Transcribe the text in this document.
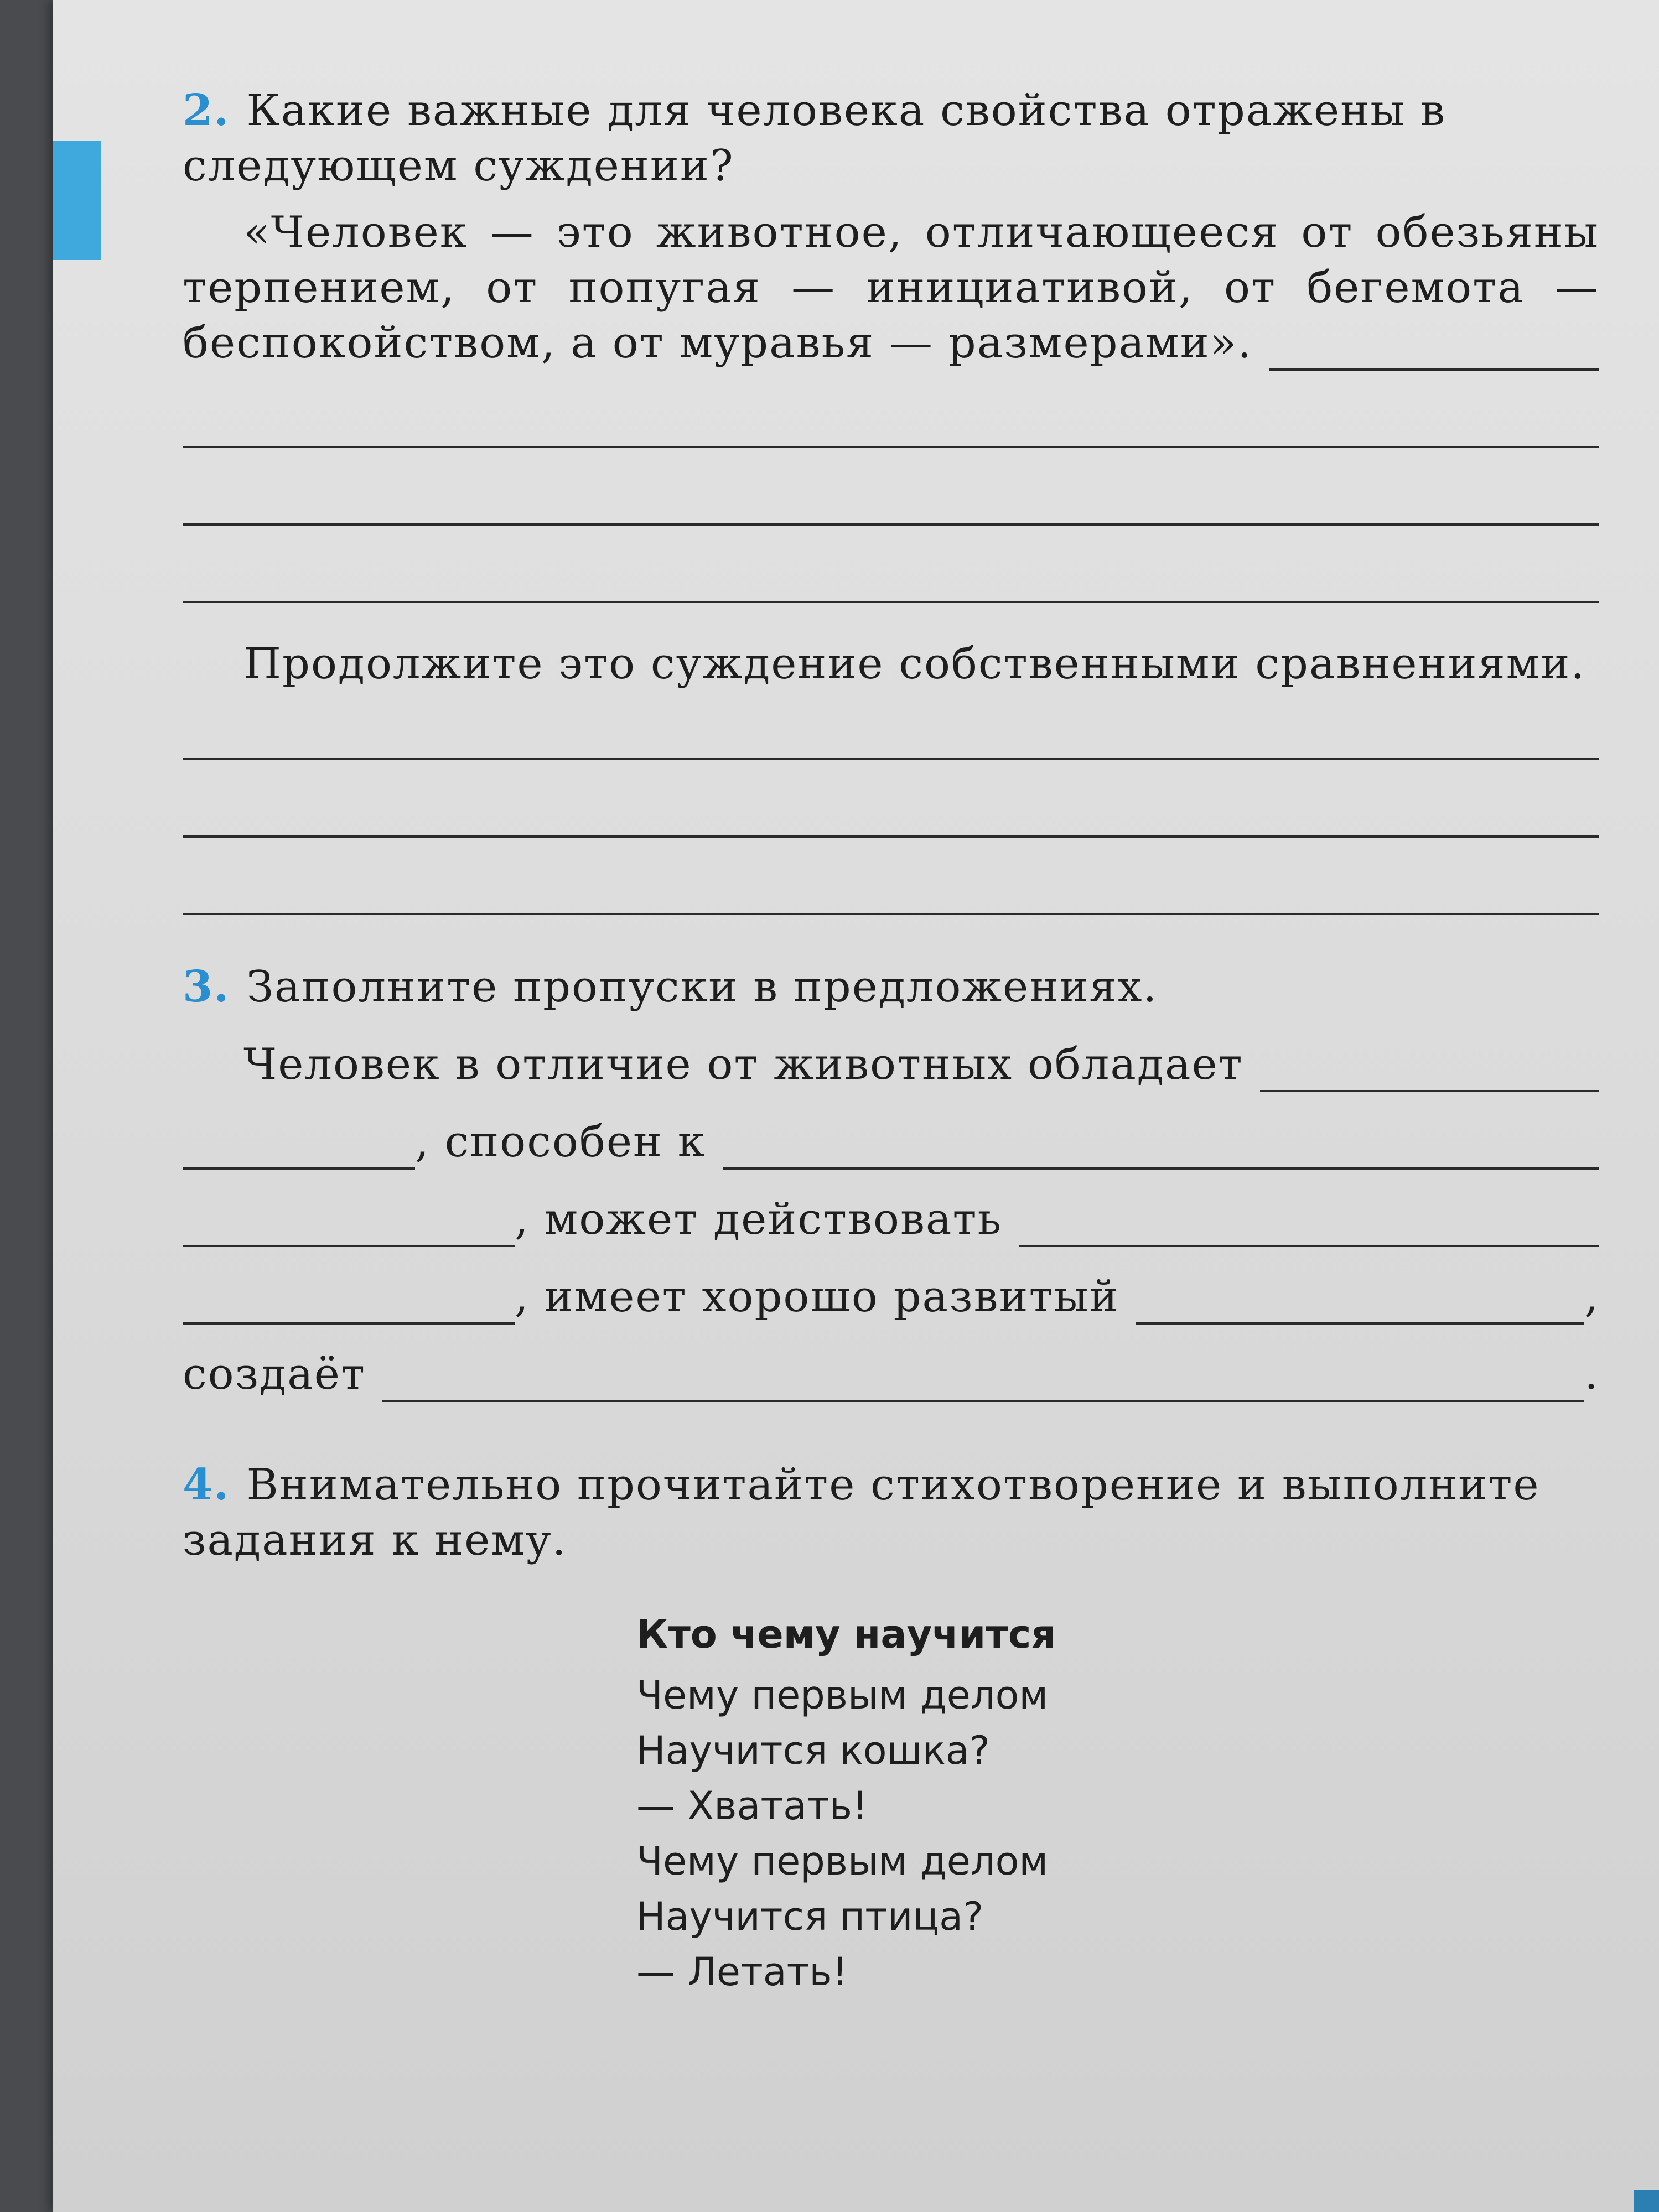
2. Какие важные для человека свойства отражены в следующем суждении?
«Человек — это животное, отличающееся от обезьяны
терпением, от попугая — инициативой, от бегемота —
беспокойством, а от муравья — размерами».
Продолжите это суждение собственными сравнениями.
3. Заполните пропуски в предложениях.
Человек в отличие от животных обладает
, способен к
, может действовать
, имеет хорошо развитый	,
создаёт	.
4. Внимательно прочитайте стихотворение и выполните задания к нему.
Кто чему научится
Чему первым делом
Научится кошка?
— Хватать!
Чему первым делом
Научится птица?
— Летать!
